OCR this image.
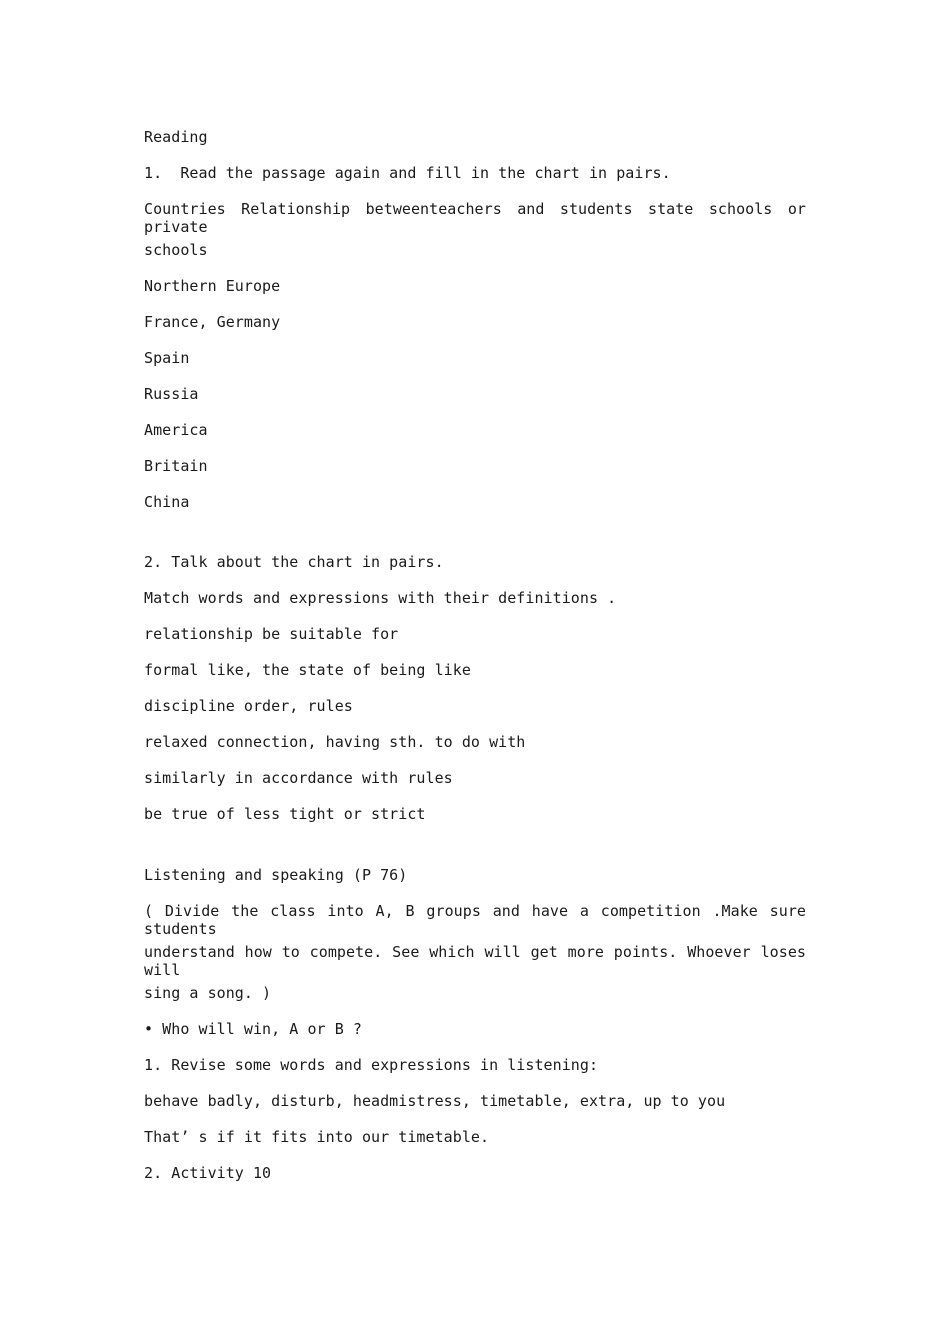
Reading
1.  Read the passage again and fill in the chart in pairs.
Countries Relationship betweenteachers and students state schools or private
schools
Northern Europe
France, Germany
Spain
Russia
America
Britain
China
2. Talk about the chart in pairs.
Match words and expressions with their definitions .
relationship be suitable for
formal like, the state of being like
discipline order, rules
relaxed connection, having sth. to do with
similarly in accordance with rules
be true of less tight or strict
Listening and speaking (P 76)
( Divide the class into A, B groups and have a competition .Make sure students
understand how to compete. See which will get more points. Whoever loses will
sing a song. )
• Who will win, A or B ?
1. Revise some words and expressions in listening:
behave badly, disturb, headmistress, timetable, extra, up to you
That’ s if it fits into our timetable.
2. Activity 10
